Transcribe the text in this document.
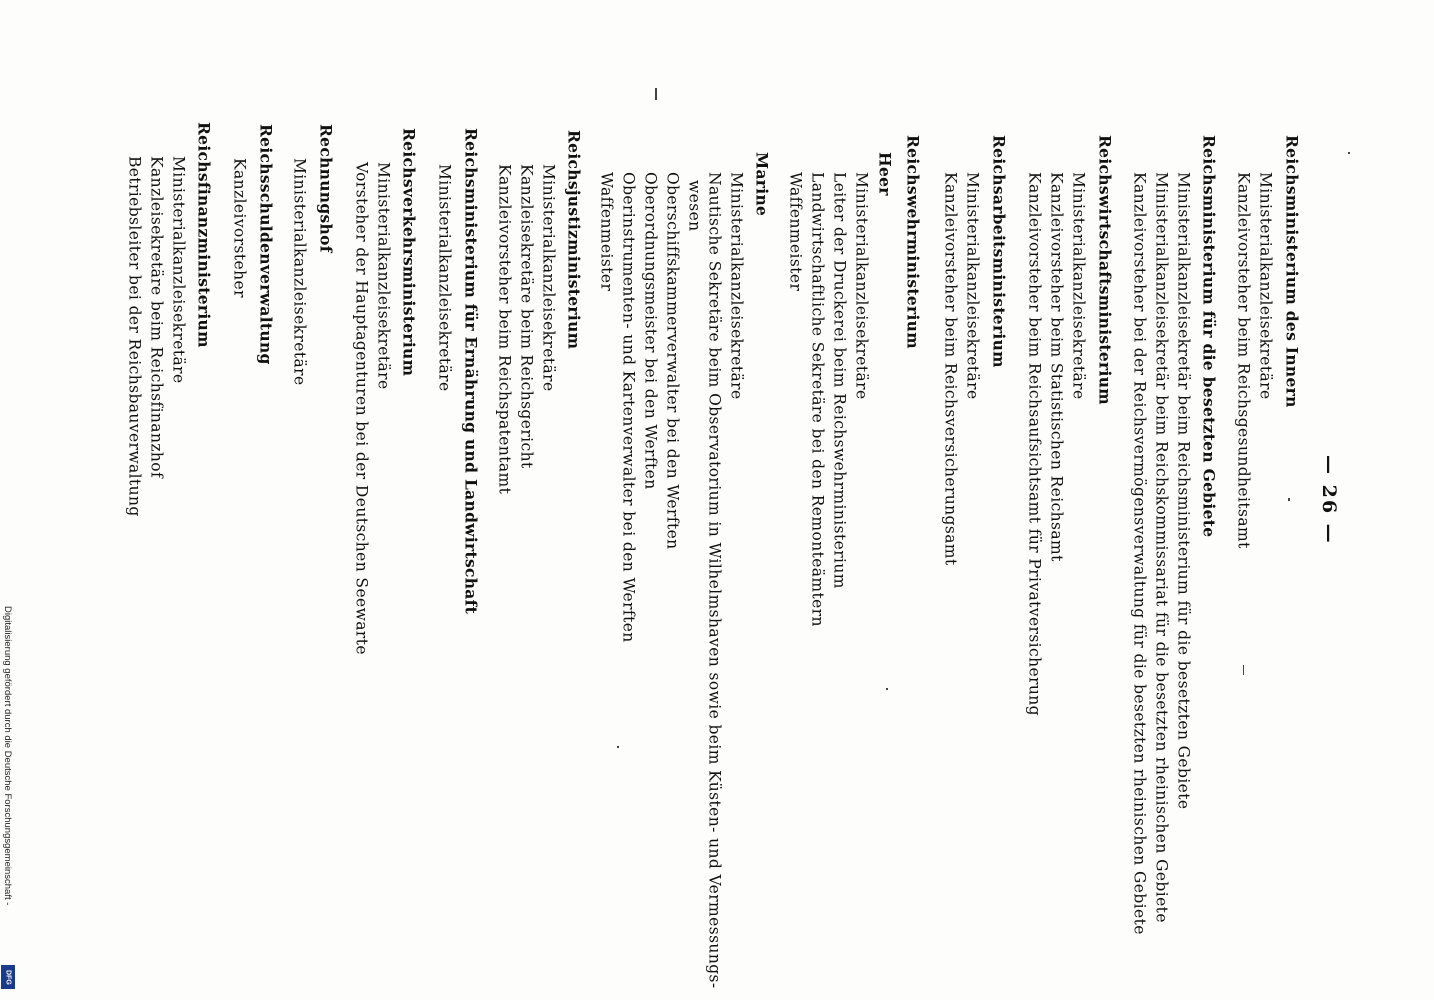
Reichsministerium des Innern
Ministerialkanzleisekretäre
Kanzleivorsteher beim Reichsgesundheitsamt
Reichsministerium für die besetzten Gebiete
Ministerialkanzleisekretär beim Reichsministerium für die besetzten Gebiete
Ministerialkanzleisekretär beim Reichskommissariat für die besetzten rheinischen Gebiete
Kanzleivorsteher bei der Reichsvermögensverwaltung für die besetzten rheinischen Gebiete
Reichswirtschaftsministerium
Ministerialkanzleisekretäre
Kanzleivorsteher beim Statistischen Reichsamt
Kanzleivorsteher beim Reichsaufsichtsamt für Privatversicherung
Reichsarbeitsministerium
Ministerialkanzleisekretäre
Kanzleivorsteher beim Reichsversicherungsamt
Reichswehrministerium
Heer
Ministerialkanzleisekretäre
Leiter der Druckerei beim Reichswehrministerium
Landwirtschaftliche Sekretäre bei den Remonteämtern
Waffenmeister
Marine
Ministerialkanzleisekretäre
Nautische Sekretäre beim Observatorium in Wilhelmshaven sowie beim Küsten- und Vermessungs-
wesen
Oberschiffskammerverwalter bei den Werften
Oberordnungsmeister bei den Werften
Oberinstrumenten- und Kartenverwalter bei den Werften
Waffenmeister
Reichsjustizministerium
Ministerialkanzleisekretäre
Kanzleisekretäre beim Reichsgericht
Kanzleivorsteher beim Reichspatentamt
Reichsministerium für Ernährung und Landwirtschaft
Ministerialkanzleisekretäre
Reichsverkehrsministerium
Ministerialkanzleisekretäre
Vorsteher der Hauptagenturen bei der Deutschen Seewarte
Rechnungshof
Ministerialkanzleisekretäre
Reichsschuldenverwaltung
Kanzleivorsteher
Reichsfinanzministerium
Ministerialkanzleisekretäre
Kanzleisekretäre beim Reichsfinanzhof
Betriebsleiter bei der Reichsbauverwaltung	— 26 —
Digitalisierung gefördert durch die Deutsche Forschungsgemeinschaft -
DFG
